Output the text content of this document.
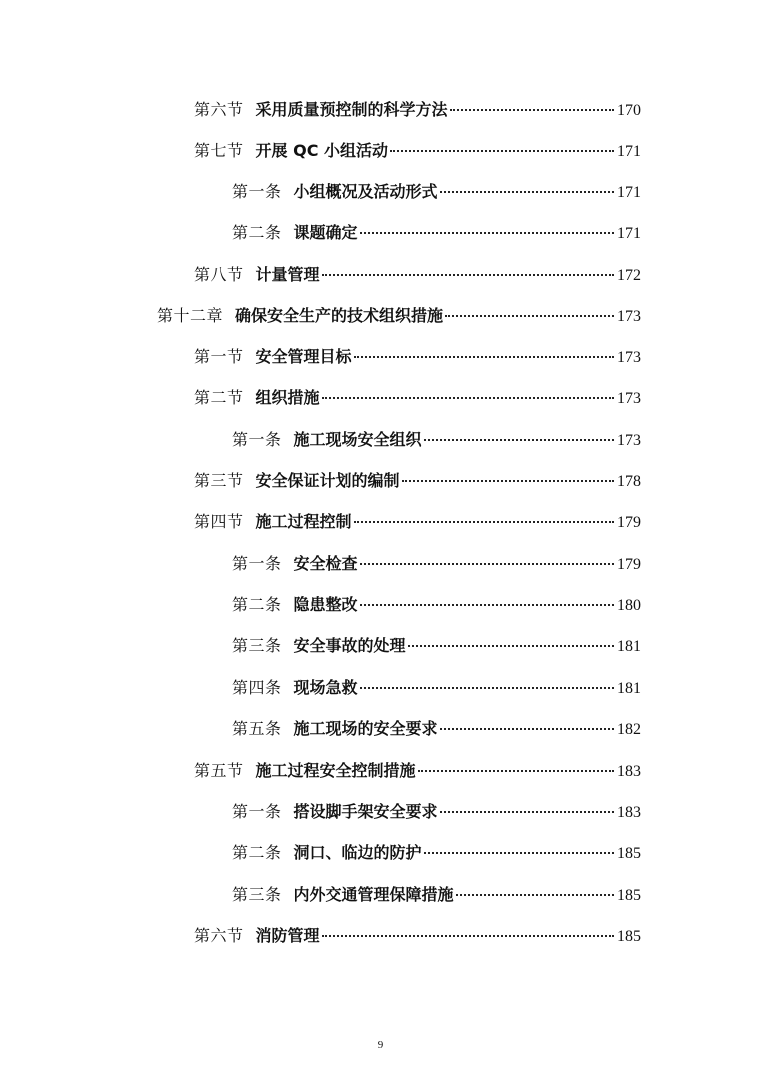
第六节 采用质量预控制的科学方法	170
第七节 开展 QC 小组活动	171
第一条 小组概况及活动形式	171
第二条 课题确定	171
第八节 计量管理	172
第十二章 确保安全生产的技术组织措施	173
第一节 安全管理目标	173
第二节 组织措施	173
第一条 施工现场安全组织	173
第三节 安全保证计划的编制	178
第四节 施工过程控制	179
第一条 安全检查	179
第二条 隐患整改	180
第三条 安全事故的处理	181
第四条 现场急救	181
第五条 施工现场的安全要求	182
第五节 施工过程安全控制措施	183
第一条 搭设脚手架安全要求	183
第二条 洞口、临边的防护	185
第三条 内外交通管理保障措施	185
第六节 消防管理	185
9
